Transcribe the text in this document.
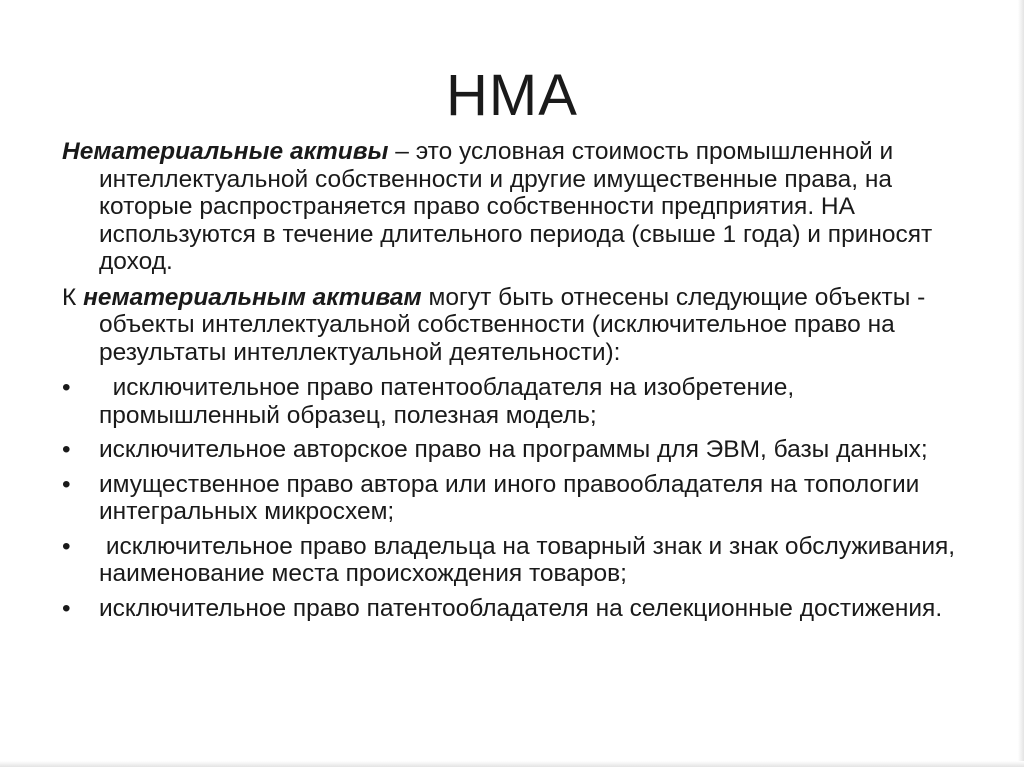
НМА

Нематериальные активы – это условная стоимость промышленной и интеллектуальной собственности и другие имущественные права, на которые распространяется право собственности предприятия. НА используются в течение длительного периода (свыше 1 года) и приносят доход.

К нематериальным активам могут быть отнесены следующие объекты - объекты интеллектуальной собственности (исключительное право на результаты интеллектуальной деятельности):

• исключительное право патентообладателя на изобретение, промышленный образец, полезная модель;
• исключительное авторское право на программы для ЭВМ, базы данных;
• имущественное право автора или иного правообладателя на топологии интегральных микросхем;
• исключительное право владельца на товарный знак и знак обслуживания, наименование места происхождения товаров;
• исключительное право патентообладателя на селекционные достижения.
